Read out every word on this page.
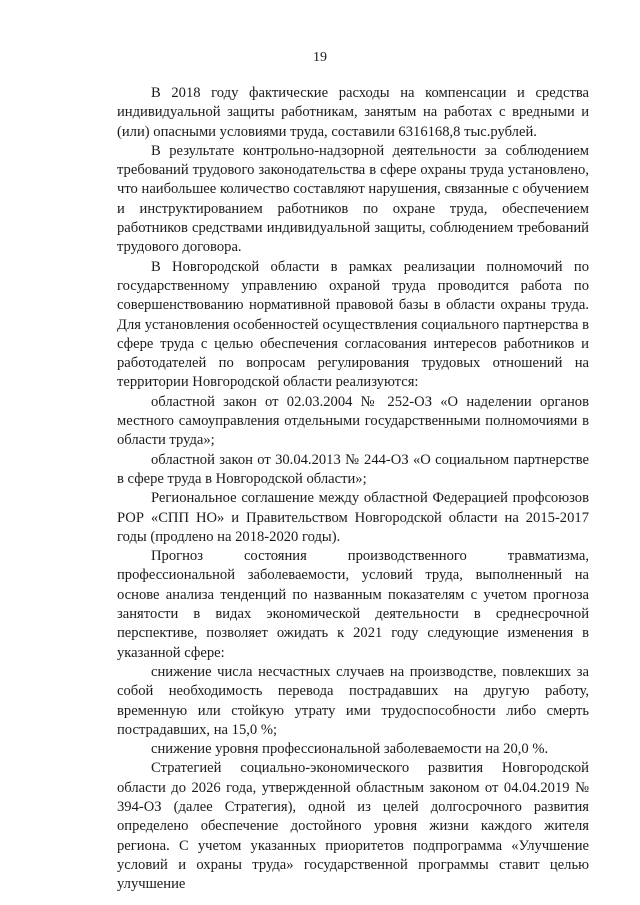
19

В 2018 году фактические расходы на компенсации и средства индивидуальной защиты работникам, занятым на работах с вредными и (или) опасными условиями труда, составили 6316168,8 тыс.рублей.

В результате контрольно-надзорной деятельности за соблюдением требований трудового законодательства в сфере охраны труда установлено, что наибольшее количество составляют нарушения, связанные с обучением и инструктированием работников по охране труда, обеспечением работников средствами индивидуальной защиты, соблюдением требований трудового договора.

В Новгородской области в рамках реализации полномочий по государственному управлению охраной труда проводится работа по совершенствованию нормативной правовой базы в области охраны труда. Для установления особенностей осуществления социального партнерства в сфере труда с целью обеспечения согласования интересов работников и работодателей по вопросам регулирования трудовых отношений на территории Новгородской области реализуются:

областной закон от 02.03.2004 № 252-ОЗ «О наделении органов местного самоуправления отдельными государственными полномочиями в области труда»;

областной закон от 30.04.2013 № 244-ОЗ «О социальном партнерстве в сфере труда в Новгородской области»;

Региональное соглашение между областной Федерацией профсоюзов РОР «СПП НО» и Правительством Новгородской области на 2015-2017 годы (продлено на 2018-2020 годы).

Прогноз состояния производственного травматизма, профессиональной заболеваемости, условий труда, выполненный на основе анализа тенденций по названным показателям с учетом прогноза занятости в видах экономической деятельности в среднесрочной перспективе, позволяет ожидать к 2021 году следующие изменения в указанной сфере:

снижение числа несчастных случаев на производстве, повлекших за собой необходимость перевода пострадавших на другую работу, временную или стойкую утрату ими трудоспособности либо смерть пострадавших, на 15,0 %;

снижение уровня профессиональной заболеваемости на 20,0 %.

Стратегией социально-экономического развития Новгородской области до 2026 года, утвержденной областным законом от 04.04.2019 № 394-ОЗ (далее Стратегия), одной из целей долгосрочного развития определено обеспечение достойного уровня жизни каждого жителя региона. С учетом указанных приоритетов подпрограмма «Улучшение условий и охраны труда» государственной программы ставит целью улучшение
